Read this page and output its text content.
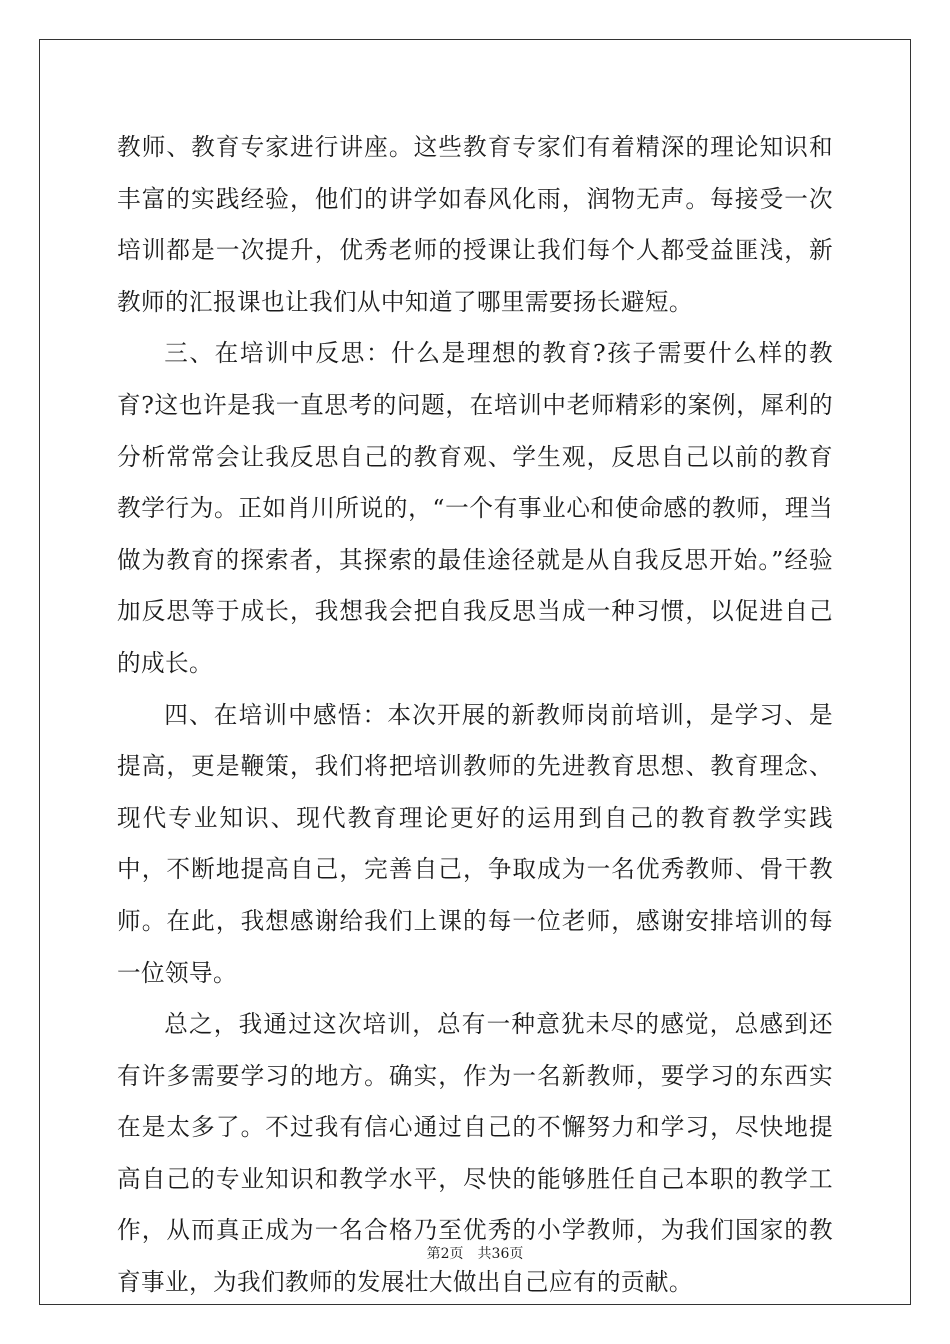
教师、教育专家进行讲座。这些教育专家们有着精深的理论知识和丰富的实践经验，他们的讲学如春风化雨，润物无声。每接受一次培训都是一次提升，优秀老师的授课让我们每个人都受益匪浅，新教师的汇报课也让我们从中知道了哪里需要扬长避短。

三、在培训中反思：什么是理想的教育?孩子需要什么样的教育?这也许是我一直思考的问题，在培训中老师精彩的案例，犀利的分析常常会让我反思自己的教育观、学生观，反思自己以前的教育教学行为。正如肖川所说的，“一个有事业心和使命感的教师，理当做为教育的探索者，其探索的最佳途径就是从自我反思开始。”经验加反思等于成长，我想我会把自我反思当成一种习惯，以促进自己的成长。

四、在培训中感悟：本次开展的新教师岗前培训，是学习、是提高，更是鞭策，我们将把培训教师的先进教育思想、教育理念、现代专业知识、现代教育理论更好的运用到自己的教育教学实践中，不断地提高自己，完善自己，争取成为一名优秀教师、骨干教师。在此，我想感谢给我们上课的每一位老师，感谢安排培训的每一位领导。

总之，我通过这次培训，总有一种意犹未尽的感觉，总感到还有许多需要学习的地方。确实，作为一名新教师，要学习的东西实在是太多了。不过我有信心通过自己的不懈努力和学习，尽快地提高自己的专业知识和教学水平，尽快的能够胜任自己本职的教学工作，从而真正成为一名合格乃至优秀的小学教师，为我们国家的教育事业，为我们教师的发展壮大做出自己应有的贡献。

第2页 共36页
